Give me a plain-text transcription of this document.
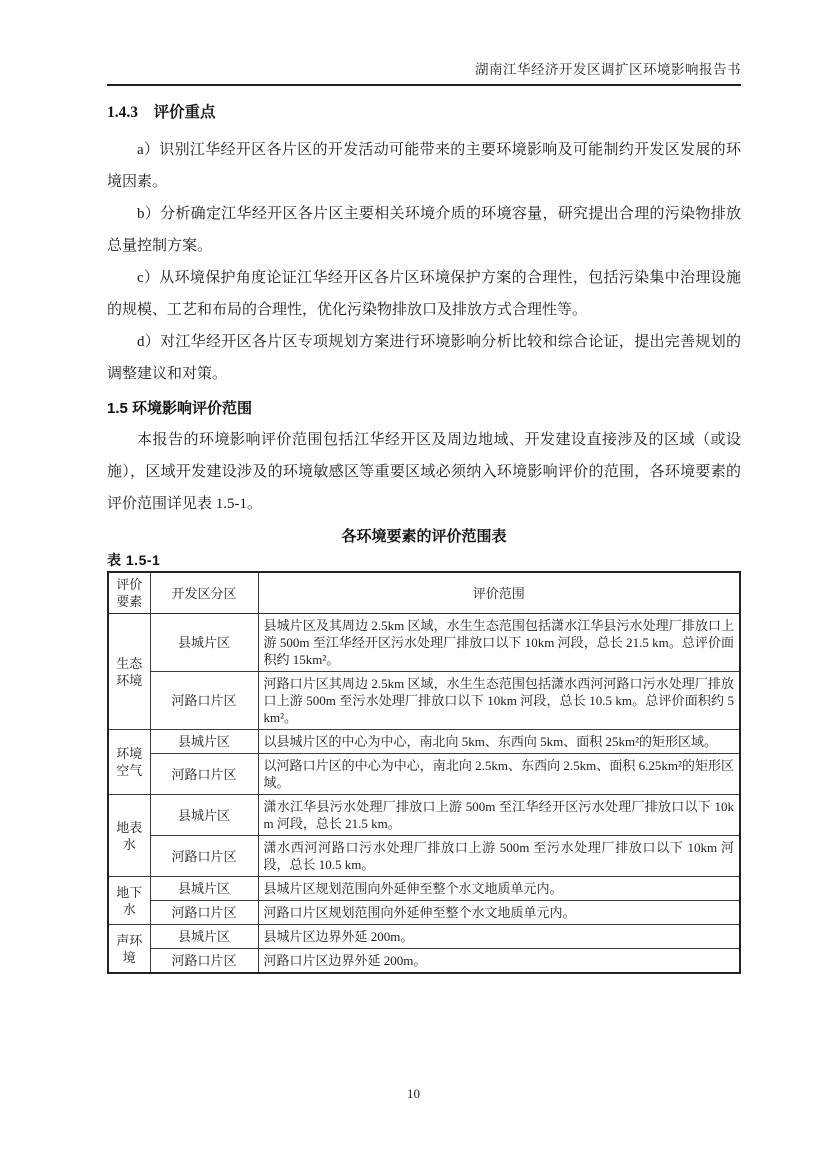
湖南江华经济开发区调扩区环境影响报告书
1.4.3　评价重点

a）识别江华经开区各片区的开发活动可能带来的主要环境影响及可能制约开发区发展的环境因素。

b）分析确定江华经开区各片区主要相关环境介质的环境容量，研究提出合理的污染物排放总量控制方案。

c）从环境保护角度论证江华经开区各片区环境保护方案的合理性，包括污染集中治理设施的规模、工艺和布局的合理性，优化污染物排放口及排放方式合理性等。

d）对江华经开区各片区专项规划方案进行环境影响分析比较和综合论证，提出完善规划的调整建议和对策。

1.5 环境影响评价范围

本报告的环境影响评价范围包括江华经开区及周边地域、开发建设直接涉及的区域（或设施），区域开发建设涉及的环境敏感区等重要区域必须纳入环境影响评价的范围，各环境要素的评价范围详见表 1.5-1。

各环境要素的评价范围表
表 1.5-1
评价要素	开发区分区	评价范围
生态环境	县城片区	县城片区及其周边 2.5km 区域，水生生态范围包括潇水江华县污水处理厂排放口上游 500m 至江华经开区污水处理厂排放口以下 10km 河段，总长 21.5 km。总评价面积约 15km²。
	河路口片区	河路口片区其周边 2.5km 区域，水生生态范围包括潇水西河河路口污水处理厂排放口上游 500m 至污水处理厂排放口以下 10km 河段，总长 10.5 km。总评价面积约 5km²。
环境空气	县城片区	以县城片区的中心为中心，南北向 5km、东西向 5km、面积 25km²的矩形区域。
	河路口片区	以河路口片区的中心为中心，南北向 2.5km、东西向 2.5km、面积 6.25km²的矩形区域。
地表水	县城片区	潇水江华县污水处理厂排放口上游 500m 至江华经开区污水处理厂排放口以下 10km 河段，总长 21.5 km。
	河路口片区	潇水西河河路口污水处理厂排放口上游 500m 至污水处理厂排放口以下 10km 河段，总长 10.5 km。
地下水	县城片区	县城片区规划范围向外延伸至整个水文地质单元内。
	河路口片区	河路口片区规划范围向外延伸至整个水文地质单元内。
声环境	县城片区	县城片区边界外延 200m。
	河路口片区	河路口片区边界外延 200m。
10
